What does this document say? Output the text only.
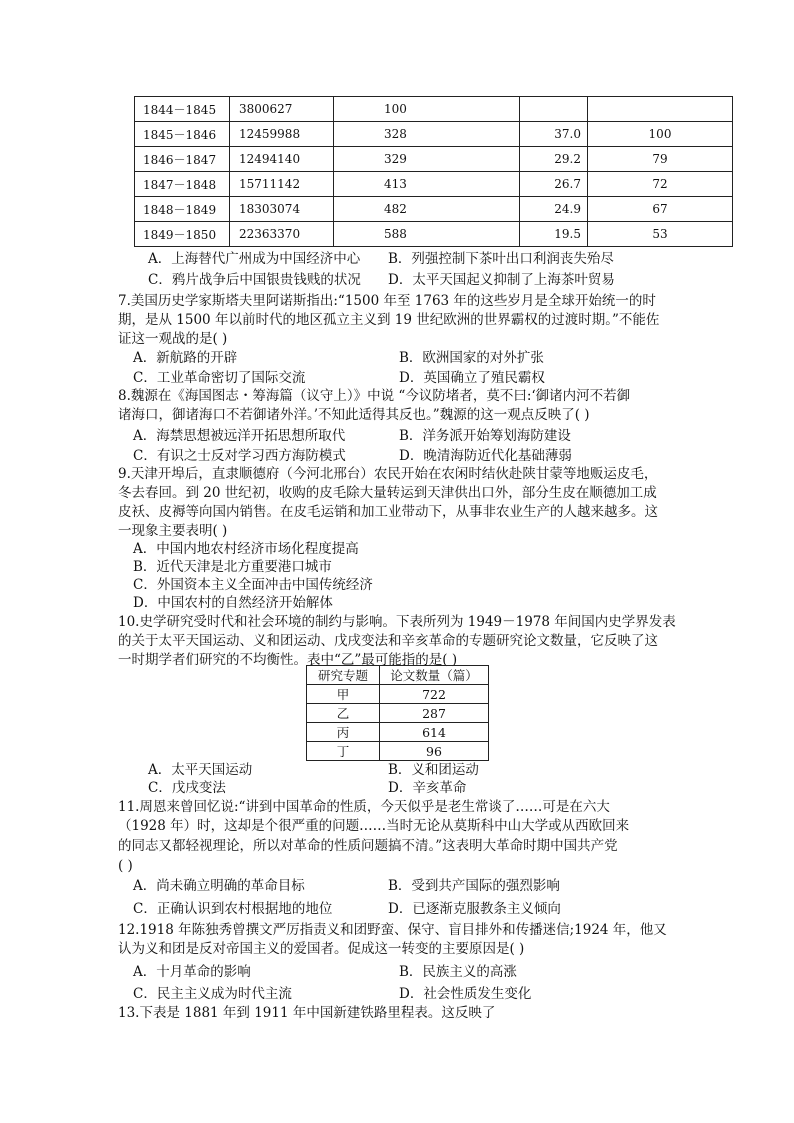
1844－1845	3800627	100		
1845－1846	12459988	328	37.0	100
1846－1847	12494140	329	29.2	79
1847－1848	15711142	413	26.7	72
1848－1849	18303074	482	24.9	67
1849－1850	22363370	588	19.5	53
A．上海替代广州成为中国经济中心 B．列强控制下茶叶出口利润丧失殆尽
C．鸦片战争后中国银贵钱贱的状况 D．太平天国起义抑制了上海茶叶贸易
7.美国历史学家斯塔夫里阿诺斯指出:“1500 年至 1763 年的这些岁月是全球开始统一的时
期，是从 1500 年以前时代的地区孤立主义到 19 世纪欧洲的世界霸权的过渡时期。”不能佐
证这一观战的是( )
A．新航路的开辟	B．欧洲国家的对外扩张
C．工业革命密切了国际交流	D．英国确立了殖民霸权
8.魏源在《海国图志・筹海篇（议守上）》中说 “今议防堵者，莫不曰:‘御诸内河不若御
诸海口，御诸海口不若御诸外洋。’不知此适得其反也。”魏源的这一观点反映了( )
A．海禁思想被远洋开拓思想所取代	B．洋务派开始筹划海防建设
C．有识之士反对学习西方海防模式	D．晚清海防近代化基础薄弱
9.天津开埠后，直隶顺德府（今河北邢台）农民开始在农闲时结伙赴陕甘蒙等地贩运皮毛，
冬去春回。到 20 世纪初，收购的皮毛除大量转运到天津供出口外，部分生皮在顺德加工成
皮袄、皮褥等向国内销售。在皮毛运销和加工业带动下，从事非农业生产的人越来越多。这
一现象主要表明( )
A．中国内地农村经济市场化程度提高
B．近代天津是北方重要港口城市
C．外国资本主义全面冲击中国传统经济
D．中国农村的自然经济开始解体
10.史学研究受时代和社会环境的制约与影响。下表所列为 1949－1978 年间国内史学界发表
的关于太平天国运动、义和团运动、戊戌变法和辛亥革命的专题研究论文数量，它反映了这
一时期学者们研究的不均衡性。表中“乙”最可能指的是( )
研究专题	论文数量（篇）
甲	722
乙	287
丙	614
丁	96
A．太平天国运动	B．义和团运动
C．戊戌变法	D．辛亥革命
11.周恩来曾回忆说:“讲到中国革命的性质，今天似乎是老生常谈了……可是在六大
（1928 年）时，这却是个很严重的问题……当时无论从莫斯科中山大学或从西欧回来
的同志又都轻视理论，所以对革命的性质问题搞不清。”这表明大革命时期中国共产党
( )
A．尚未确立明确的革命目标	B．受到共产国际的强烈影响
C．正确认识到农村根据地的地位	D．已逐渐克服教条主义倾向
12.1918 年陈独秀曾撰文严厉指责义和团野蛮、保守、盲目排外和传播迷信;1924 年，他又
认为义和团是反对帝国主义的爱国者。促成这一转变的主要原因是( )
A．十月革命的影响	B．民族主义的高涨
C．民主主义成为时代主流	D．社会性质发生变化
13.下表是 1881 年到 1911 年中国新建铁路里程表。这反映了
